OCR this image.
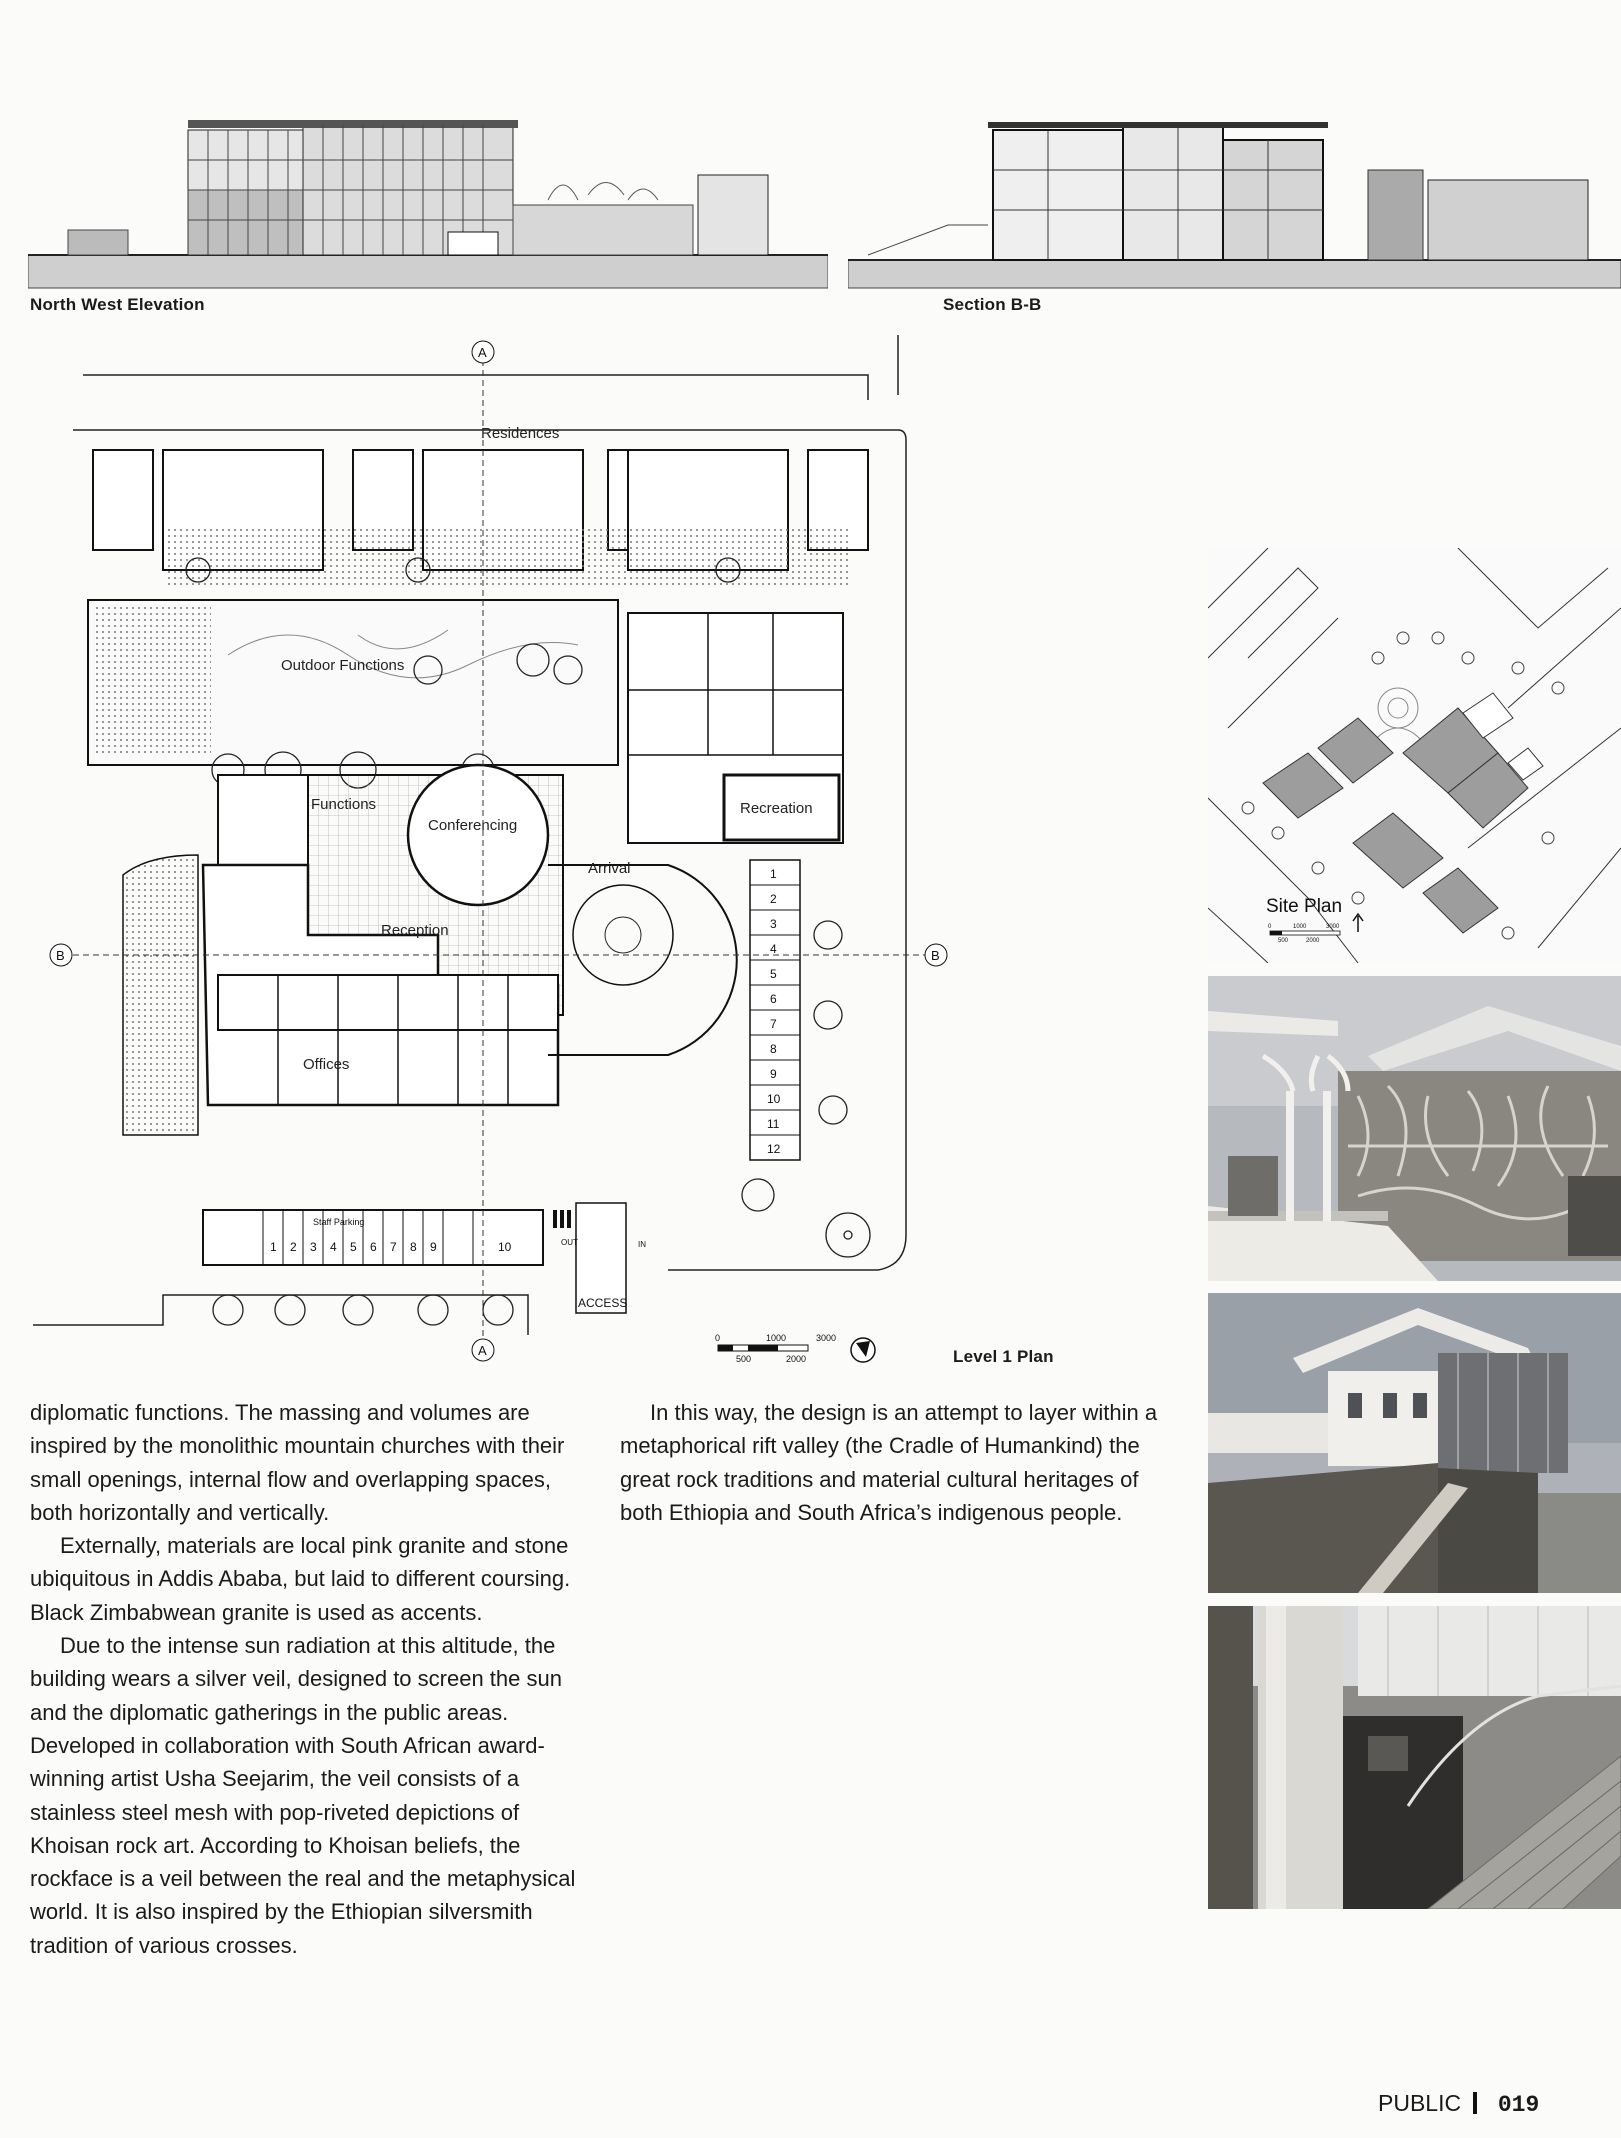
North West Elevation	Section B-B
Residences
Outdoor Functions
Recreation
Functions
Conferencing
Reception
Offices
Arrival	1
2
3
4
5
6
7
8
9
10
11
12
Staff Parking
1 2 3 4 5 6 7 8 9	10
ACCESS
OUT	IN
A
A
B	B
0	1000	3000
500	2000	Level 1 Plan
Site Plan
0	1000	3000
500	2000

diplomatic functions. The massing and volumes are inspired by the monolithic mountain churches with their small openings, internal flow and overlapping spaces, both horizontally and vertically.

Externally, materials are local pink granite and stone ubiquitous in Addis Ababa, but laid to different coursing. Black Zimbabwean granite is used as accents.

Due to the intense sun radiation at this altitude, the building wears a silver veil, designed to screen the sun and the diplomatic gatherings in the public areas. Developed in collaboration with South African award-winning artist Usha Seejarim, the veil consists of a stainless steel mesh with pop-riveted depictions of Khoisan rock art. According to Khoisan beliefs, the rockface is a veil between the real and the metaphysical world. It is also inspired by the Ethiopian silversmith tradition of various crosses.

In this way, the design is an attempt to layer within a metaphorical rift valley (the Cradle of Humankind) the great rock traditions and material cultural heritages of both Ethiopia and South Africa’s indigenous people.

PUBLIC 019
